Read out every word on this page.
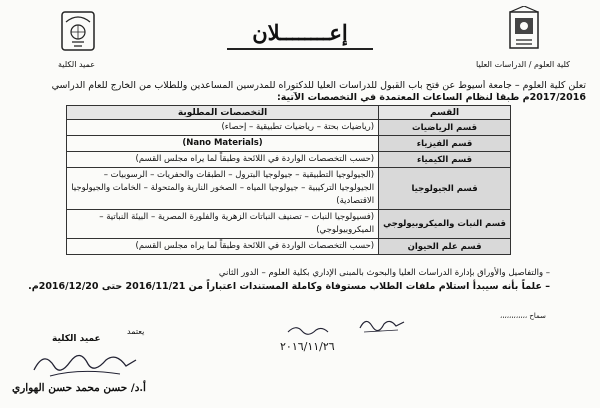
عميد الكلية	كلية العلوم / الدراسات العليا
إعــــــــلان
تعلن كلية العلوم – جامعة أسيوط عن فتح باب القبول للدراسات العليا للدكتوراه للمدرسين المساعدين وللطلاب من الخارج للعام الدراسي
2017/2016م طبقاً لنظام الساعات المعتمدة في التخصصات الآتية:
القسم	التخصصات المطلوبة
قسم الرياضيات	(رياضيات بحتة – رياضيات تطبيقية – إحصاء)
قسم الفيزياء	(Nano Materials)
قسم الكيمياء	(حسب التخصصات الواردة في اللائحة وطبقاً لما يراه مجلس القسم)
قسم الجيولوجيا	(الجيولوجيا التطبيقية – جيولوجيا البترول – الطبقات والحفريات – الرسوبيات – الجيولوجيا التركيبية – جيولوجيا المياه – الصخور النارية والمتحولة – الخامات والجيولوجيا الاقتصادية)
قسم النبات والميكروبيولوجي	(فسيولوجيا النبات – تصنيف النباتات الزهرية والفلورة المصرية – البيئة النباتية – الميكروبيولوجي)
قسم علم الحيوان	(حسب التخصصات الواردة في اللائحة وطبقاً لما يراه مجلس القسم)
– والتفاصيل والأوراق بإدارة الدراسات العليا والبحوث بالمبنى الإداري بكلية العلوم – الدور الثاني
– علماً بأنه سيبدأ استلام ملفات الطلاب مستوفاة وكاملة المستندات اعتباراً من 2016/11/21 حتى 2016/12/20م.
سماح ،،،،،،،،،،،،
٢٠١٦/١١/٢٦
يعتمد
عميد الكلية
أ.د/ حسن محمد حسن الهواري
